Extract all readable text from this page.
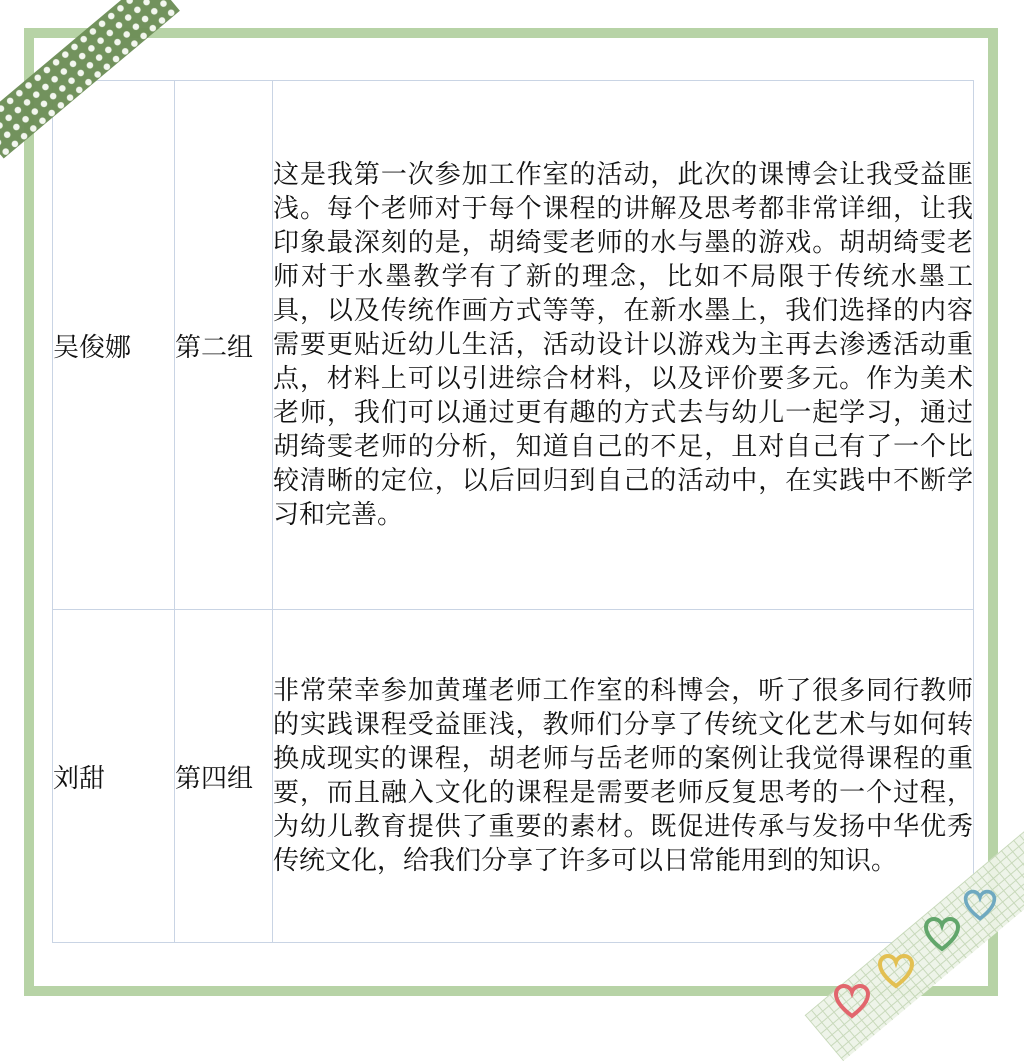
吴俊娜	第二组	这是我第一次参加工作室的活动，此次的课博会让我受益匪浅。每个老师对于每个课程的讲解及思考都非常详细，让我印象最深刻的是，胡绮雯老师的水与墨的游戏。胡胡绮雯老师对于水墨教学有了新的理念，比如不局限于传统水墨工具，以及传统作画方式等等，在新水墨上，我们选择的内容需要更贴近幼儿生活，活动设计以游戏为主再去渗透活动重点，材料上可以引进综合材料，以及评价要多元。作为美术老师，我们可以通过更有趣的方式去与幼儿一起学习，通过胡绮雯老师的分析，知道自己的不足，且对自己有了一个比较清晰的定位，以后回归到自己的活动中，在实践中不断学习和完善。
刘甜	第四组	非常荣幸参加黄瑾老师工作室的科博会，听了很多同行教师的实践课程受益匪浅，教师们分享了传统文化艺术与如何转换成现实的课程，胡老师与岳老师的案例让我觉得课程的重要，而且融入文化的课程是需要老师反复思考的一个过程，为幼儿教育提供了重要的素材。既促进传承与发扬中华优秀传统文化，给我们分享了许多可以日常能用到的知识。
